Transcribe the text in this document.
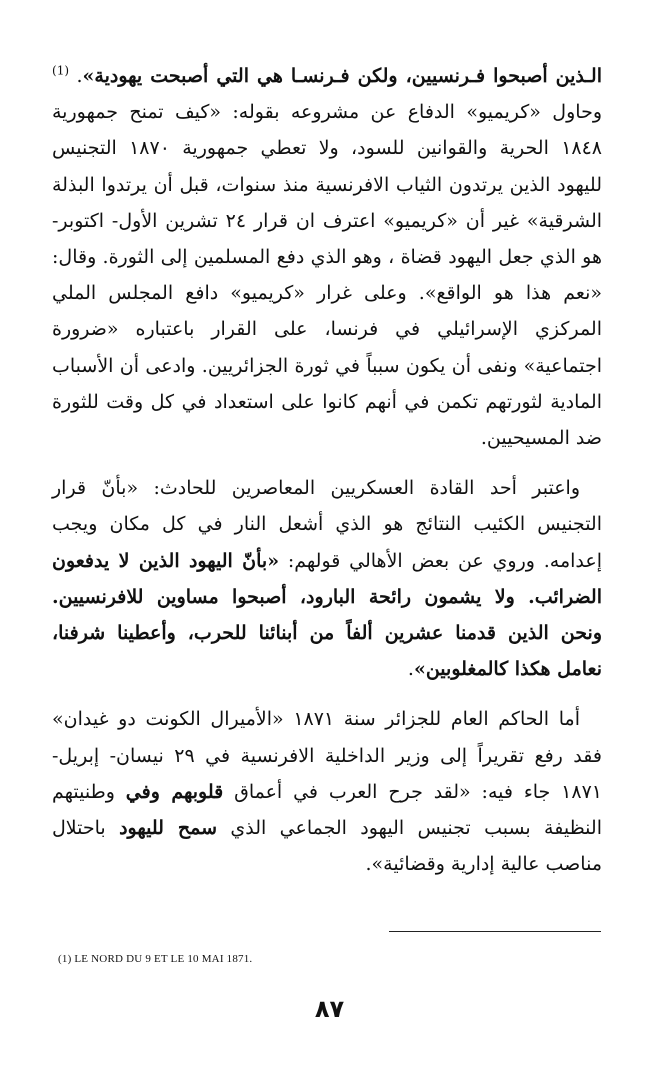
الـذين أصبحوا فـرنسيين، ولكن فـرنسـا هي التي أصبحت يهودية». $^{(1)}$ وحاول «كريميو» الدفاع عن مشروعه بقوله: «كيف تمنح جمهورية ١٨٤٨ الحرية والقوانين للسود، ولا تعطي جمهورية ١٨٧٠ التجنيس لليهود الذين يرتدون الثياب الافرنسية منذ سنوات، قبل أن يرتدوا البذلة الشرقية» غير أن «كريميو» اعترف ان قرار ٢٤ تشرين الأول- اكتوبر- هو الذي جعل اليهود قضاة ، وهو الذي دفع المسلمين إلى الثورة. وقال: «نعم هذا هو الواقع». وعلى غرار «كريميو» دافع المجلس الملي المركزي الإسرائيلي في فرنسا، على القرار باعتباره «ضرورة اجتماعية» ونفى أن يكون سبباً في ثورة الجزائريين. وادعى أن الأسباب المادية لثورتهم تكمن في أنهم كانوا على استعداد في كل وقت للثورة ضد المسيحيين.

واعتبر أحد القادة العسكريين المعاصرين للحادث: «بأنّ قرار التجنيس الكئيب النتائج هو الذي أشعل النار في كل مكان ويجب إعدامه. وروي عن بعض الأهالي قولهم: «بأنّ اليهود الذين لا يدفعون الضرائب. ولا يشمون رائحة البارود، أصبحوا مساوين للافرنسيين. ونحن الذين قدمنا عشرين ألفاً من أبنائنا للحرب، وأعطينا شرفنا، نعامل هكذا كالمغلوبين».

أما الحاكم العام للجزائر سنة ١٨٧١ «الأميرال الكونت دو غيدان» فقد رفع تقريراً إلى وزير الداخلية الافرنسية في ٢٩ نيسان- إبريل- ١٨٧١ جاء فيه: «لقد جرح العرب في أعماق قلوبهم وفي وطنيتهم النظيفة بسبب تجنيس اليهود الجماعي الذي سمح لليهود باحتلال مناصب عالية إدارية وقضائية».

(1) LE NORD DU 9 ET LE 10 MAI 1871.
٨٧
